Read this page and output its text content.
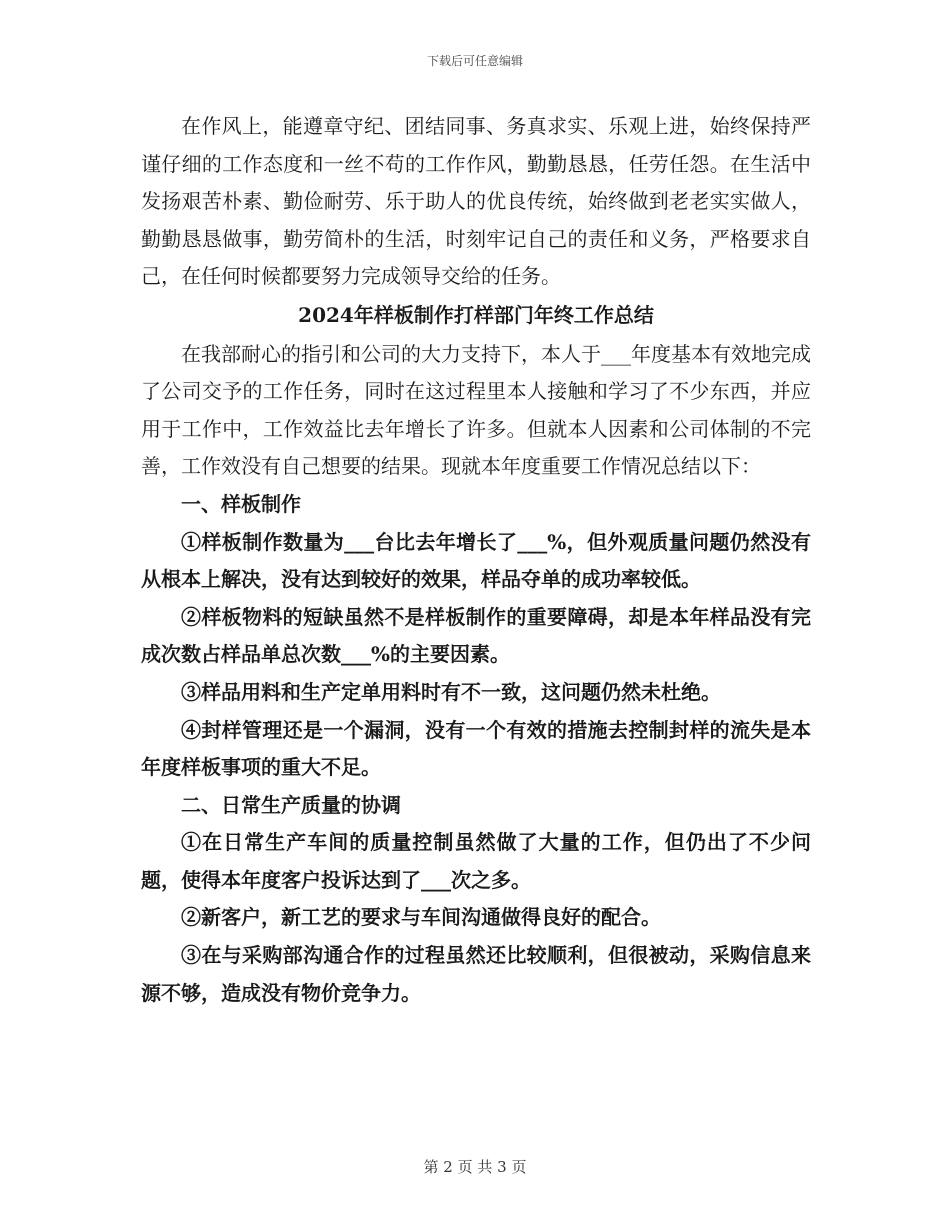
下载后可任意编辑

在作风上，能遵章守纪、团结同事、务真求实、乐观上进，始终保持严谨仔细的工作态度和一丝不苟的工作作风，勤勤恳恳，任劳任怨。在生活中发扬艰苦朴素、勤俭耐劳、乐于助人的优良传统，始终做到老老实实做人，勤勤恳恳做事，勤劳简朴的生活，时刻牢记自己的责任和义务，严格要求自己，在任何时候都要努力完成领导交给的任务。

2024年样板制作打样部门年终工作总结

在我部耐心的指引和公司的大力支持下，本人于___年度基本有效地完成了公司交予的工作任务，同时在这过程里本人接触和学习了不少东西，并应用于工作中，工作效益比去年增长了许多。但就本人因素和公司体制的不完善，工作效没有自己想要的结果。现就本年度重要工作情况总结以下：

一、样板制作

①样板制作数量为___台比去年增长了___%，但外观质量问题仍然没有从根本上解决，没有达到较好的效果，样品夺单的成功率较低。

②样板物料的短缺虽然不是样板制作的重要障碍，却是本年样品没有完成次数占样品单总次数___%的主要因素。

③样品用料和生产定单用料时有不一致，这问题仍然未杜绝。

④封样管理还是一个漏洞，没有一个有效的措施去控制封样的流失是本年度样板事项的重大不足。

二、日常生产质量的协调

①在日常生产车间的质量控制虽然做了大量的工作，但仍出了不少问题，使得本年度客户投诉达到了___次之多。

②新客户，新工艺的要求与车间沟通做得良好的配合。

③在与采购部沟通合作的过程虽然还比较顺利，但很被动，采购信息来源不够，造成没有物价竞争力。

第 2 页 共 3 页
